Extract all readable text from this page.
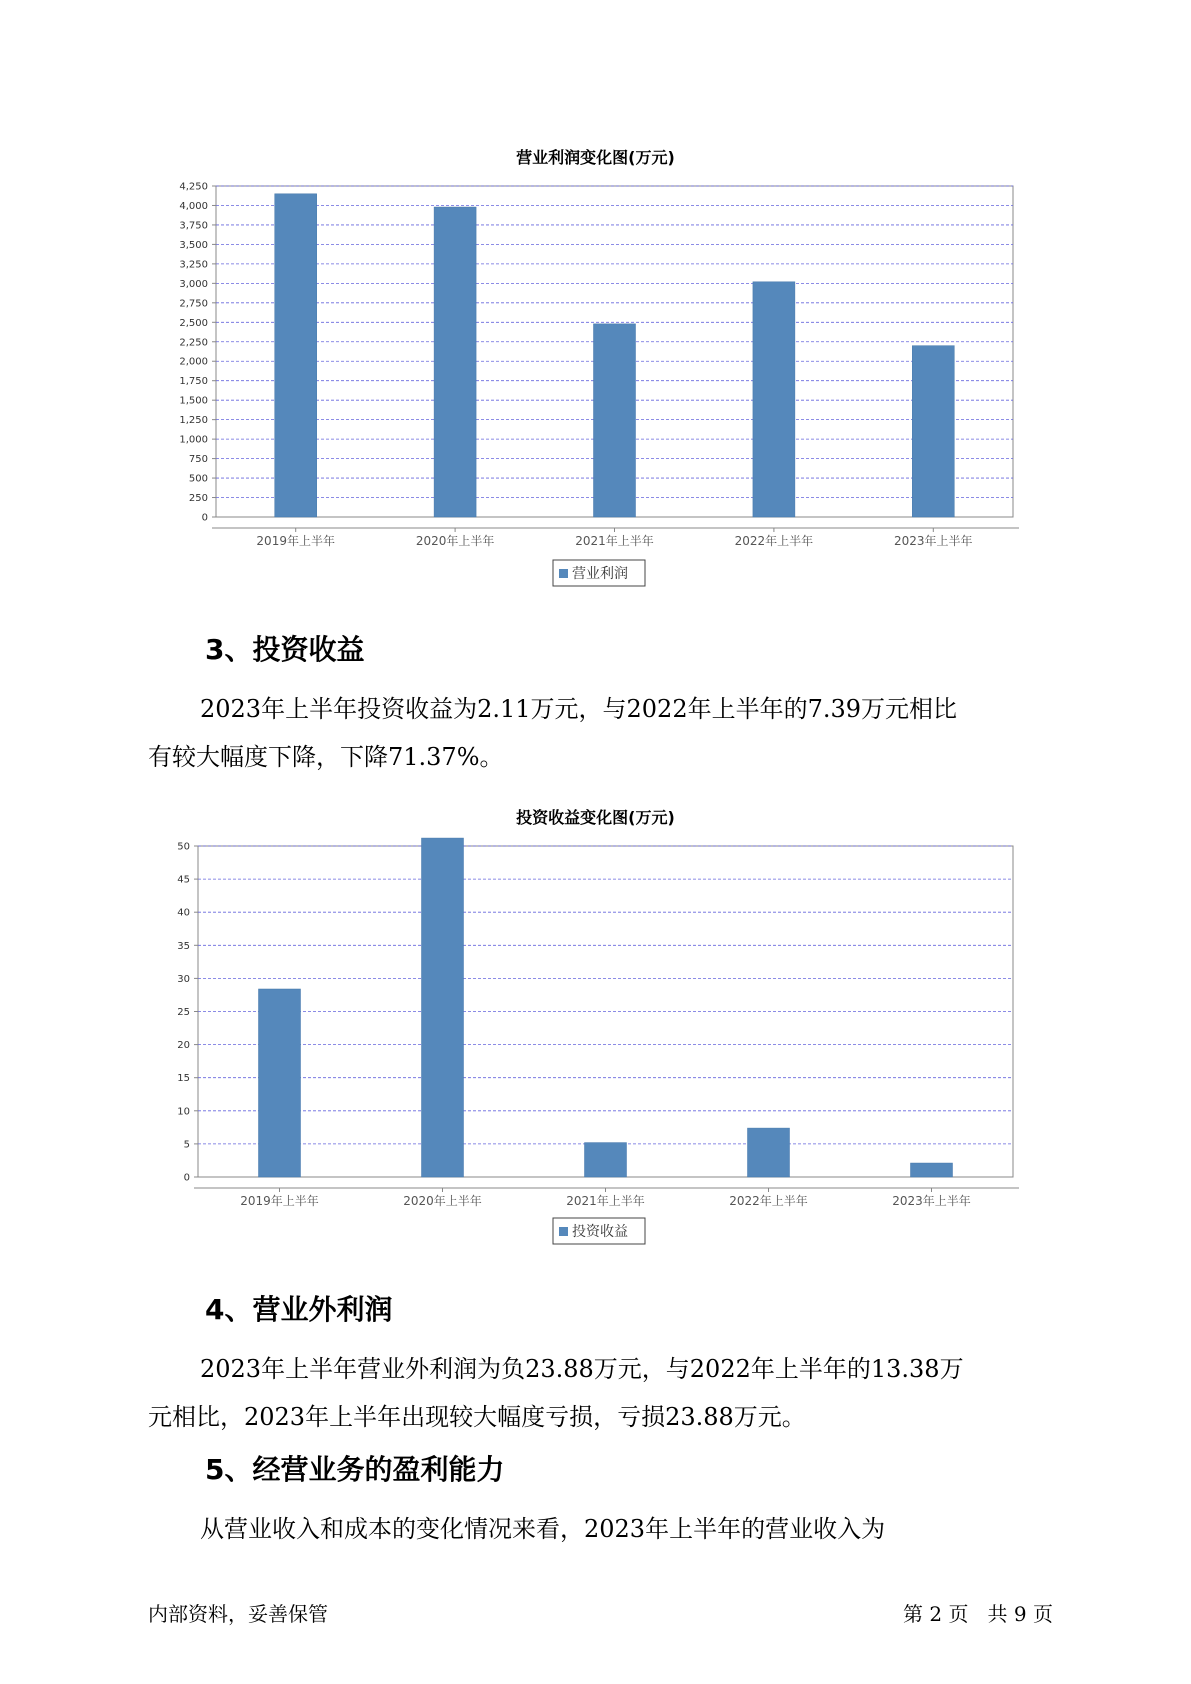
营业利润变化图(万元)
0
250
500
750
1,000
1,250
1,500
1,750
2,000
2,250
2,500
2,750
3,000
3,250
3,500
3,750
4,000
4,250
2019年上半年	2020年上半年	2021年上半年	2022年上半年	2023年上半年
营业利润
3、投资收益

2023年上半年投资收益为2.11万元，与2022年上半年的7.39万元相比
有较大幅度下降，下降71.37%。

投资收益变化图(万元)
0
5
10
15
20
25
30
35
40
45
50
2019年上半年	2020年上半年	2021年上半年	2022年上半年	2023年上半年
投资收益
4、营业外利润

2023年上半年营业外利润为负23.88万元，与2022年上半年的13.38万
元相比，2023年上半年出现较大幅度亏损，亏损23.88万元。

5、经营业务的盈利能力

从营业收入和成本的变化情况来看，2023年上半年的营业收入为

内部资料，妥善保管	第 2 页   共 9 页
